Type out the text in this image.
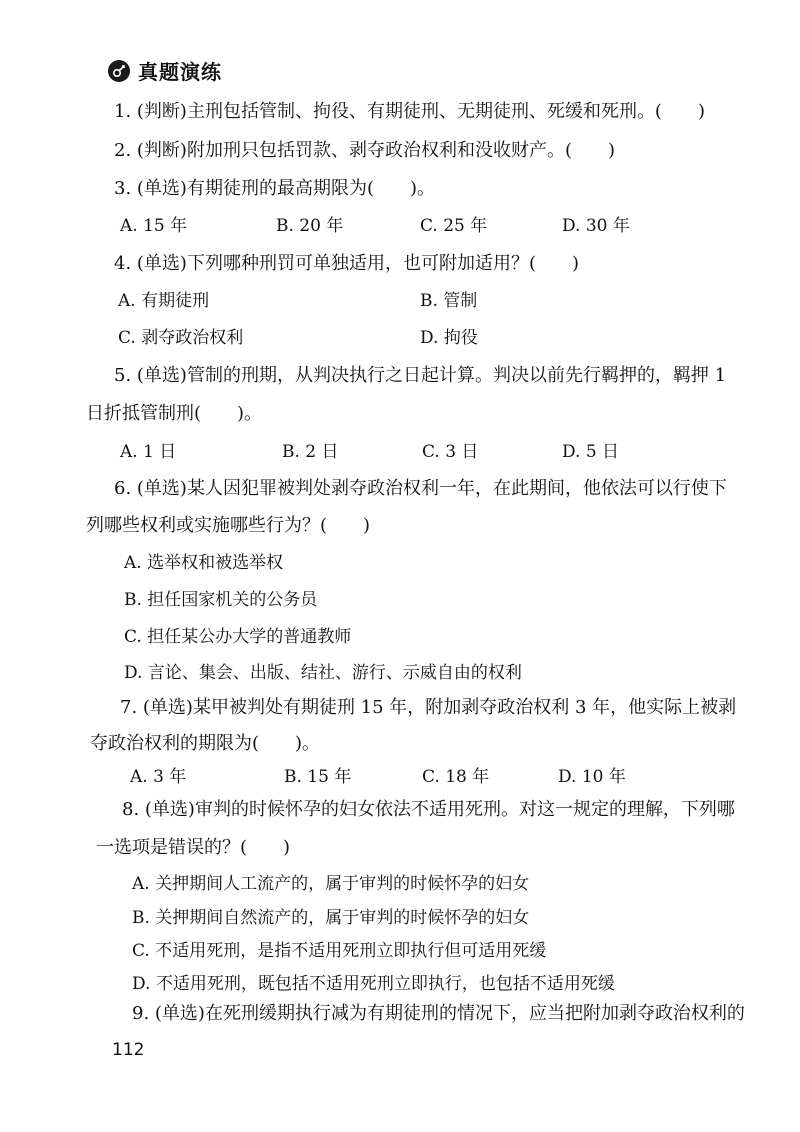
真题演练
1. (判断)主刑包括管制、拘役、有期徒刑、无期徒刑、死缓和死刑。(　　)
2. (判断)附加刑只包括罚款、剥夺政治权利和没收财产。(　　)
3. (单选)有期徒刑的最高期限为(　　)。
A. 15 年	B. 20 年	C. 25 年	D. 30 年
4. (单选)下列哪种刑罚可单独适用，也可附加适用？(　　)
A. 有期徒刑	B. 管制
C. 剥夺政治权利	D. 拘役
5. (单选)管制的刑期，从判决执行之日起计算。判决以前先行羁押的，羁押 1
日折抵管制刑(　　)。
A. 1 日	B. 2 日	C. 3 日	D. 5 日
6. (单选)某人因犯罪被判处剥夺政治权利一年，在此期间，他依法可以行使下
列哪些权利或实施哪些行为？(　　)
A. 选举权和被选举权
B. 担任国家机关的公务员
C. 担任某公办大学的普通教师
D. 言论、集会、出版、结社、游行、示威自由的权利
7. (单选)某甲被判处有期徒刑 15 年，附加剥夺政治权利 3 年，他实际上被剥
夺政治权利的期限为(　　)。
A. 3 年	B. 15 年	C. 18 年	D. 10 年
8. (单选)审判的时候怀孕的妇女依法不适用死刑。对这一规定的理解，下列哪
一选项是错误的？(　　)
A. 关押期间人工流产的，属于审判的时候怀孕的妇女
B. 关押期间自然流产的，属于审判的时候怀孕的妇女
C. 不适用死刑，是指不适用死刑立即执行但可适用死缓
D. 不适用死刑，既包括不适用死刑立即执行，也包括不适用死缓
9. (单选)在死刑缓期执行减为有期徒刑的情况下，应当把附加剥夺政治权利的
112
